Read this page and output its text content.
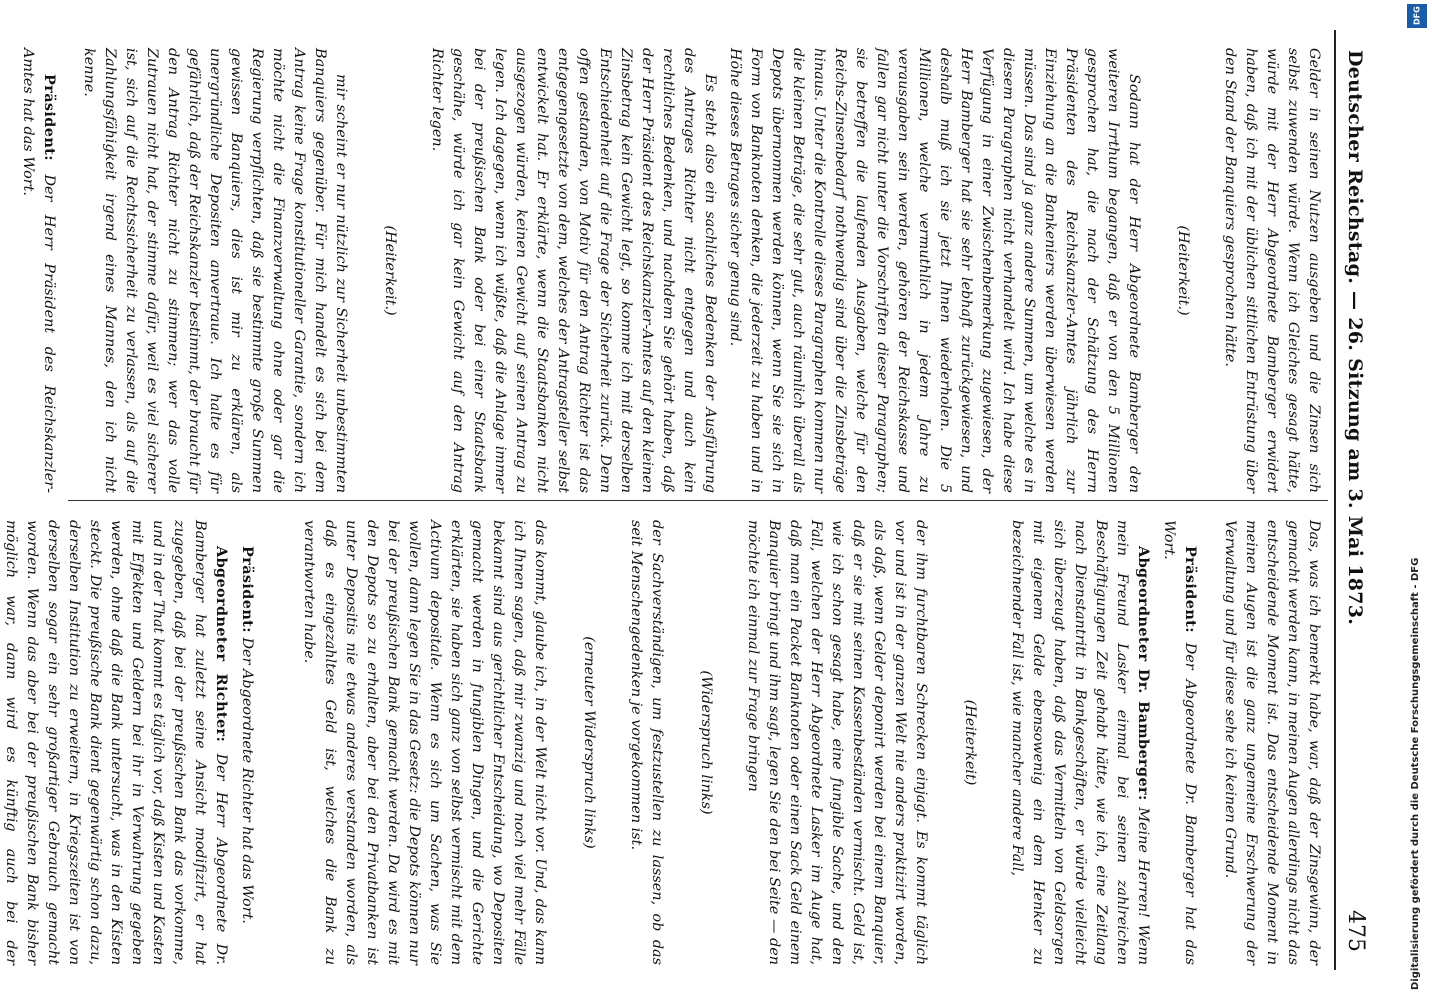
Deutscher Reichstag. — 26. Sitzung am 3. Mai 1873.
475

Gelder in seinen Nutzen ausgeben und die Zinsen sich selbst zuwenden würde. Wenn ich Gleiches gesagt hätte, würde mit der Herr Abgeordnete Bamberger erwidert haben, daß ich mit der üblichen sittlichen Entrüstung über den Stand der Banquiers gesprochen hätte.

(Heiterkeit.)

Sodann hat der Herr Abgeordnete Bamberger den weiteren Irrthum begangen, daß er von den 5 Millionen gesprochen hat, die nach der Schätzung des Herrn Präsidenten des Reichskanzler-Amtes jährlich zur Einziehung an die Bankeniers werden überwiesen werden müssen. Das sind ja ganz andere Summen, um welche es in diesem Paragraphen nicht verhandelt wird. Ich habe diese Verfügung in einer Zwischenbemerkung zugewiesen, der Herr Bamberger hat sie sehr lebhaft zurückgewiesen, und deshalb muß ich sie jetzt Ihnen wiederholen. Die 5 Millionen, welche vermuthlich in jedem Jahre zu verausgaben sein werden, gehören der Reichskasse und fallen gar nicht unter die Vorschriften dieser Paragraphen; sie betreffen die laufenden Ausgaben, welche für den Reichs-Zinsenbedarf nothwendig sind über die Zinsbeträge hinaus. Unter die Kontrolle dieses Paragraphen kommen nur die kleinen Beträge, die sehr gut, auch räumlich überall als Depots übernommen werden können, wenn Sie sie sich in Form von Banknoten denken, die jederzeit zu haben und in Höhe dieses Betrages sicher genug sind.

Es steht also ein sachliches Bedenken der Ausführung des Antrages Richter nicht entgegen und auch kein rechtliches Bedenken, und nachdem Sie gehört haben, daß der Herr Präsident des Reichskanzler-Amtes auf den kleinen Zinsbetrag kein Gewicht legt, so komme ich mit derselben Entschiedenheit auf die Frage der Sicherheit zurück. Denn offen gestanden, von Motiv für den Antrag Richter ist das entgegengesetzte von dem, welches der Antragsteller selbst entwickelt hat. Er erklärte, wenn die Staatsbanken nicht ausgezogen würden, keinen Gewicht auf seinen Antrag zu legen. Ich dagegen, wenn ich wüßte, daß die Anlage immer bei der preußischen Bank oder bei einer Staatsbank geschähe, würde ich gar kein Gewicht auf den Antrag Richter legen.

(Heiterkeit.)

mir scheint er nur nützlich zur Sicherheit unbestimmten Banquiers gegenüber. Für mich handelt es sich bei dem Antrag keine Frage konstitutioneller Garantie, sondern ich möchte nicht die Finanzverwaltung ohne oder gar die Regierung verpflichten, daß sie bestimmte große Summen gewissen Banquiers, dies ist mir zu erklären, als unergründliche Depositen anvertraue. Ich halte es für gefährlich, daß der Reichskanzler bestimmt, der braucht für den Antrag Richter nicht zu stimmen; wer das volle Zutrauen nicht hat, der stimme dafür, weil es viel sicherer ist, sich auf die Rechtssicherheit zu verlassen, als auf die Zahlungsfähigkeit irgend eines Mannes, den ich nicht kenne.

Präsident: Der Herr Präsident des Reichskanzler-Amtes hat das Wort.

Das, was ich bemerkt habe, war, daß der Zinsgewinn, der gemacht werden kann, in meinen Augen allerdings nicht das entscheidende Moment ist. Das entscheidende Moment in meinen Augen ist die ganz ungemeine Erschwerung der Verwaltung und für diese sehe ich keinen Grund.

Präsident: Der Abgeordnete Dr. Bamberger hat das Wort.

Abgeordneter Dr. Bamberger: Meine Herren! Wenn mein Freund Lasker einmal bei seinen zahlreichen Beschäftigungen Zeit gehabt hätte, wie ich, eine Zeitlang nach Dienstantritt in Bankgeschäften, er würde vielleicht sich überzeugt haben, daß das Vermitteln von Geldsorgen mit eigenem Gelde ebensowenig ein dem Henker zu bezeichnender Fall ist, wie mancher andere Fall,

(Heiterkeit)

der ihm furchtbaren Schrecken einjagt. Es kommt täglich vor und ist in der ganzen Welt nie anders praktizirt worden, als daß, wenn Gelder deponirt werden bei einem Banquier, daß er sie mit seinen Kassenbeständen vermischt. Geld ist, wie ich schon gesagt habe, eine fungible Sache, und den Fall, welchen der Herr Abgeordnete Lasker im Auge hat, daß man ein Packet Banknoten oder einen Sack Geld einem Banquier bringt und ihm sagt, legen Sie den bei Seite — den möchte ich einmal zur Frage bringen

(Widerspruch links)

der Sachverständigen, um festzustellen zu lassen, ob das seit Menschengedenken je vorgekommen ist.

(erneuter Widerspruch links)

das kommt, glaube ich, in der Welt nicht vor. Und, das kann ich Ihnen sagen, daß mir zwanzig und noch viel mehr Fälle bekannt sind aus gerichtlicher Entscheidung, wo Depositen gemacht werden in fungiblen Dingen, und die Gerichte erklärten, sie haben sich ganz von selbst vermischt mit dem Activum depositale. Wenn es sich um Sachen, was Sie wollen, dann legen Sie in das Gesetz: die Depots können nur bei der preußischen Bank gemacht werden. Da wird es mit den Depots so zu erhalten, aber bei den Privatbanken ist unter Depositis nie etwas anderes verstanden worden, als daß es eingezahltes Geld ist, welches die Bank zu verantworten habe.

Präsident: Der Abgeordnete Richter hat das Wort.

Abgeordneter Richter: Der Herr Abgeordnete Dr. Bamberger hat zuletzt seine Ansicht modifizirt, er hat zugegeben, daß bei der preußischen Bank das vorkomme, und in der That kommt es täglich vor, daß Kisten und Kasten mit Effekten und Geldern bei ihr in Verwahrung gegeben werden, ohne daß die Bank untersucht, was in den Kisten steckt. Die preußische Bank dient gegenwärtig schon dazu, derselben Institution zu erweitern, in Kriegszeiten ist von derselben sogar ein sehr großartiger Gebrauch gemacht worden. Wenn das aber bei der preußischen Bank bisher möglich war, dann wird es künftig auch bei der

DFG
Digitalisierung gefördert durch die Deutsche Forschungsgemeinschaft - DFG
